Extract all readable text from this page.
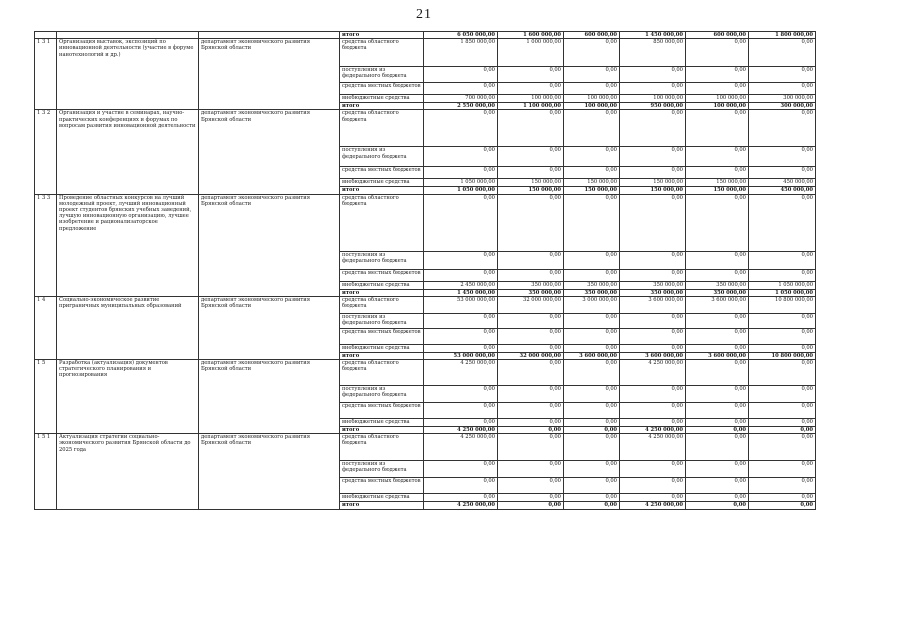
21
			итого	6 050 000,00	1 600 000,00	600 000,00	1 450 000,00	600 000,00	1 800 000,00
1 3 1	Организация выставок, экспозиций по инновационной деятельности (участие в форуме нанотехнологий и др.)	департамент экономического развития Брянской области	средства областного бюджета	1 850 000,00	1 000 000,00	0,00	850 000,00	0,00	0,00
			поступления из федерального бюджета	0,00	0,00	0,00	0,00	0,00	0,00
			средства местных бюджетов	0,00	0,00	0,00	0,00	0,00	0,00
			внебюджетные средства	700 000,00	100 000,00	100 000,00	100 000,00	100 000,00	300 000,00
			итого	2 550 000,00	1 100 000,00	100 000,00	950 000,00	100 000,00	300 000,00
1 3 2	Организация и участие в семинарах, научно-практических конференциях и форумах по вопросам развития инновационной деятельности	департамент экономического развития Брянской области	средства областного бюджета	0,00	0,00	0,00	0,00	0,00	0,00
			поступления из федерального бюджета	0,00	0,00	0,00	0,00	0,00	0,00
			средства местных бюджетов	0,00	0,00	0,00	0,00	0,00	0,00
			внебюджетные средства	1 050 000,00	150 000,00	150 000,00	150 000,00	150 000,00	450 000,00
			итого	1 050 000,00	150 000,00	150 000,00	150 000,00	150 000,00	450 000,00
1 3 3	Проведение областных конкурсов на лучший молодежный проект, лучший инновационный проект студентов брянских учебных заведений, лучшую инновационную организацию, лучшее изобретение и рационализаторское предложение	департамент экономического развития Брянской области	средства областного бюджета	0,00	0,00	0,00	0,00	0,00	0,00
			поступления из федерального бюджета	0,00	0,00	0,00	0,00	0,00	0,00
			средства местных бюджетов	0,00	0,00	0,00	0,00	0,00	0,00
			внебюджетные средства	2 450 000,00	350 000,00	350 000,00	350 000,00	350 000,00	1 050 000,00
			итого	1 450 000,00	350 000,00	350 000,00	350 000,00	350 000,00	1 050 000,00
1 4	Социально-экономическое развитие приграничных муниципальных образований	департамент экономического развития Брянской области	средства областного бюджета	53 000 000,00	32 000 000,00	3 000 000,00	3 600 000,00	3 600 000,00	10 800 000,00
			поступления из федерального бюджета	0,00	0,00	0,00	0,00	0,00	0,00
			средства местных бюджетов	0,00	0,00	0,00	0,00	0,00	0,00
			внебюджетные средства	0,00	0,00	0,00	0,00	0,00	0,00
			итого	53 000 000,00	32 000 000,00	3 600 000,00	3 600 000,00	3 600 000,00	10 800 000,00
1 5	Разработка (актуализация) документов стратегического планирования и прогнозирования	департамент экономического развития Брянской области	средства областного бюджета	4 250 000,00	0,00	0,00	4 250 000,00	0,00	0,00
			поступления из федерального бюджета	0,00	0,00	0,00	0,00	0,00	0,00
			средства местных бюджетов	0,00	0,00	0,00	0,00	0,00	0,00
			внебюджетные средства	0,00	0,00	0,00	0,00	0,00	0,00
			итого	4 250 000,00	0,00	0,00	4 250 000,00	0,00	0,00
1 5 1	Актуализация стратегии социально-экономического развития Брянской области до 2025 года	департамент экономического развития Брянской области	средства областного бюджета	4 250 000,00	0,00	0,00	4 250 000,00	0,00	0,00
			поступления из федерального бюджета	0,00	0,00	0,00	0,00	0,00	0,00
			средства местных бюджетов	0,00	0,00	0,00	0,00	0,00	0,00
			внебюджетные средства	0,00	0,00	0,00	0,00	0,00	0,00
			итого	4 250 000,00	0,00	0,00	4 250 000,00	0,00	0,00
